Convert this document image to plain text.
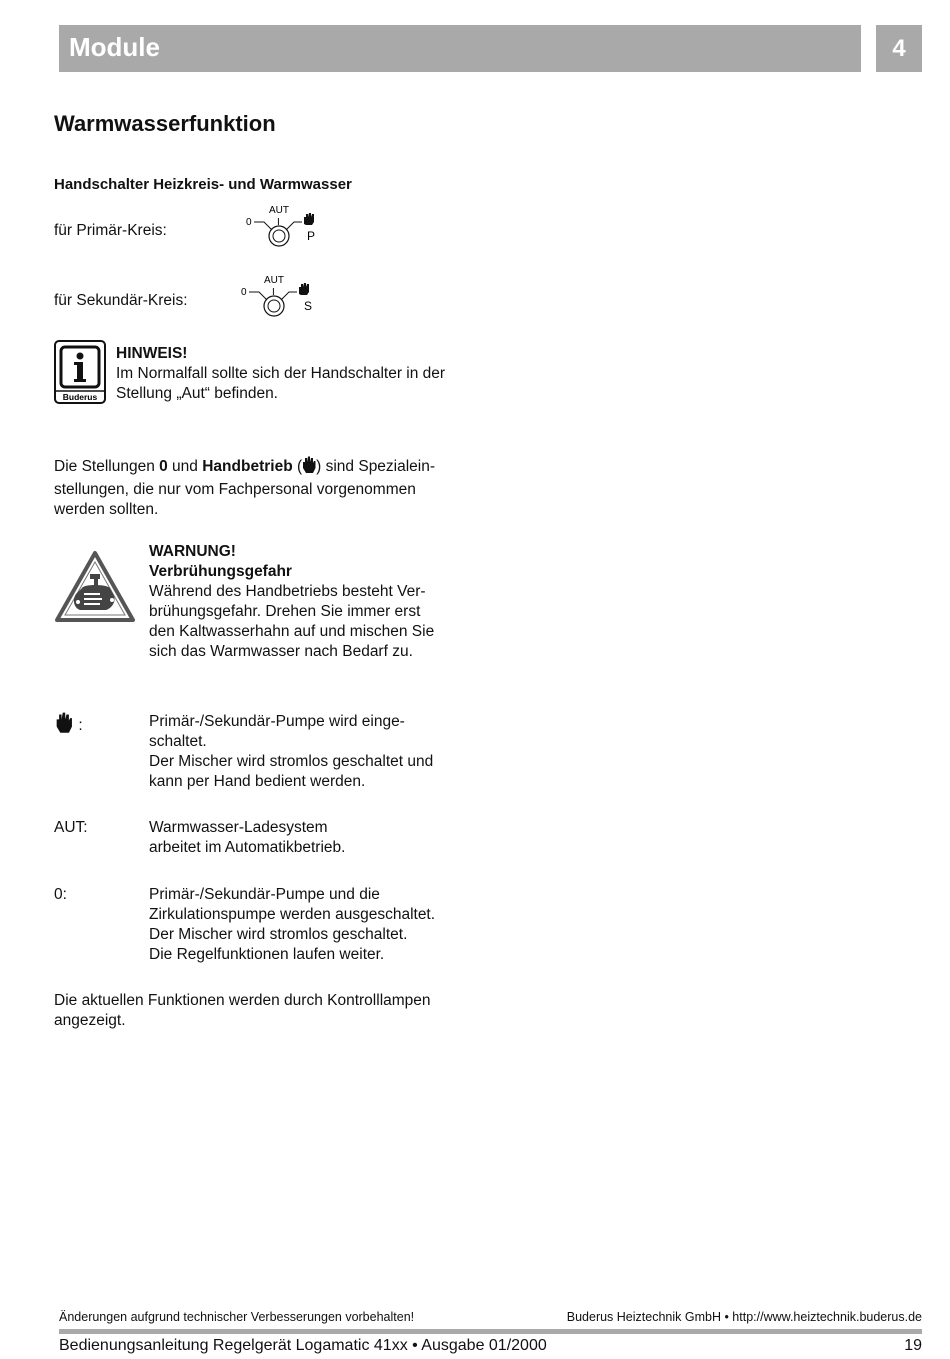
Module	4
Warmwasserfunktion
Handschalter Heizkreis- und Warmwasser
für Primär-Kreis:
AUT
0	I
P
für Sekundär-Kreis:
AUT
0	I
S
Buderus
HINWEIS!
Im Normalfall sollte sich der Handschalter in der
Stellung „Aut“ befinden.
Die Stellungen 0 und Handbetrieb ( ) sind Spezialein-
stellungen, die nur vom Fachpersonal vorgenommen
werden sollten.
WARNUNG!
Verbrühungsgefahr
Während des Handbetriebs besteht Ver-
brühungsgefahr. Drehen Sie immer erst
den Kaltwasserhahn auf und mischen Sie
sich das Warmwasser nach Bedarf zu.
:	Primär-/Sekundär-Pumpe wird einge-
schaltet.
Der Mischer wird stromlos geschaltet und
kann per Hand bedient werden.
AUT:	Warmwasser-Ladesystem
arbeitet im Automatikbetrieb.
0:	Primär-/Sekundär-Pumpe und die
Zirkulationspumpe werden ausgeschaltet.
Der Mischer wird stromlos geschaltet.
Die Regelfunktionen laufen weiter.
Die aktuellen Funktionen werden durch Kontrolllampen
angezeigt.
Änderungen aufgrund technischer Verbesserungen vorbehalten!	Buderus Heiztechnik GmbH • http://www.heiztechnik.buderus.de
Bedienungsanleitung Regelgerät Logamatic 41xx • Ausgabe 01/2000	19
